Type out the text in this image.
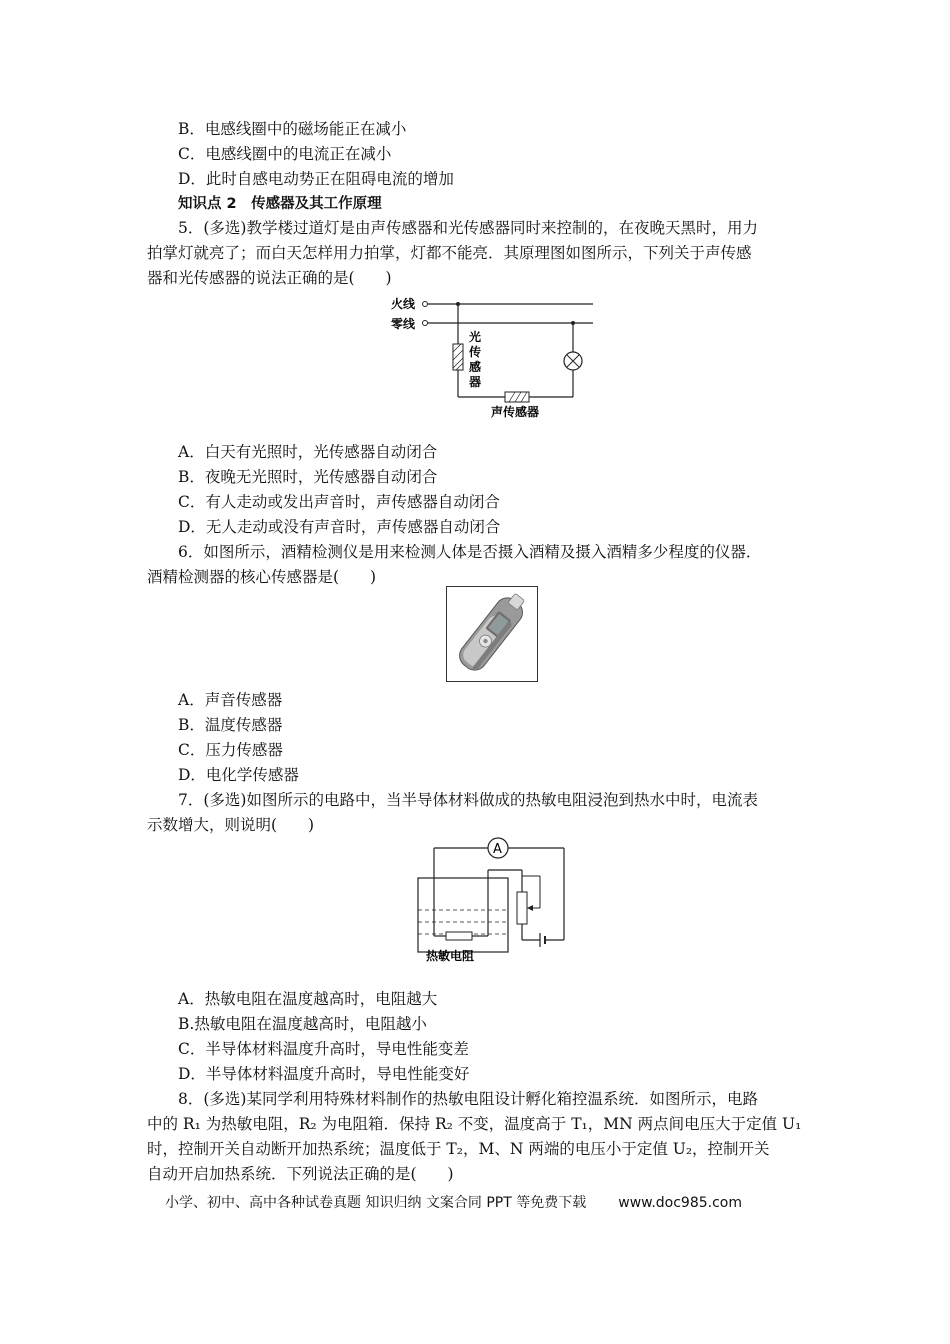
B．电感线圈中的磁场能正在减小
C．电感线圈中的电流正在减小
D．此时自感电动势正在阻碍电流的增加
知识点 2　传感器及其工作原理
5．(多选)教学楼过道灯是由声传感器和光传感器同时来控制的，在夜晚天黑时，用力
拍掌灯就亮了；而白天怎样用力拍掌，灯都不能亮．其原理图如图所示，下列关于声传感
器和光传感器的说法正确的是(　　)
火线
零线
光 传 感 器
声传感器
A．白天有光照时，光传感器自动闭合
B．夜晚无光照时，光传感器自动闭合
C．有人走动或发出声音时，声传感器自动闭合
D．无人走动或没有声音时，声传感器自动闭合
6．如图所示，酒精检测仪是用来检测人体是否摄入酒精及摄入酒精多少程度的仪器．
酒精检测器的核心传感器是(　　)
A．声音传感器
B．温度传感器
C．压力传感器
D．电化学传感器
7．(多选)如图所示的电路中，当半导体材料做成的热敏电阻浸泡到热水中时，电流表
示数增大，则说明(　　)
A
热敏电阻
A．热敏电阻在温度越高时，电阻越大
B.热敏电阻在温度越高时，电阻越小
C．半导体材料温度升高时，导电性能变差
D．半导体材料温度升高时，导电性能变好
8．(多选)某同学利用特殊材料制作的热敏电阻设计孵化箱控温系统．如图所示，电路
中的 R₁ 为热敏电阻，R₂ 为电阻箱．保持 R₂ 不变，温度高于 T₁，MN 两点间电压大于定值 U₁
时，控制开关自动断开加热系统；温度低于 T₂，M、N 两端的电压小于定值 U₂，控制开关
自动开启加热系统．下列说法正确的是(　　)
小学、初中、高中各种试卷真题 知识归纳 文案合同 PPT 等免费下载 www.doc985.com
